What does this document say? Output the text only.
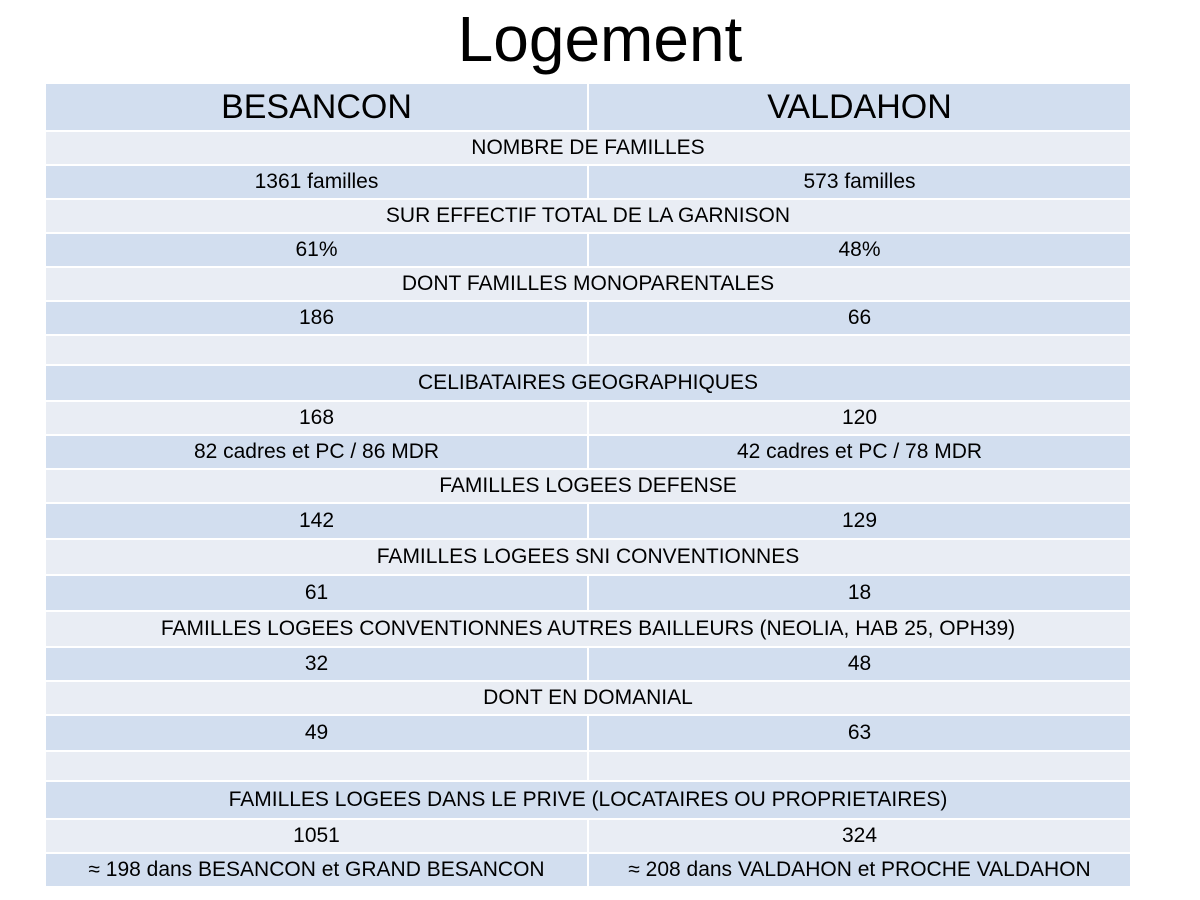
Logement
BESANCON	VALDAHON
NOMBRE DE FAMILLES	
1361 familles	573 familles
SUR EFFECTIF TOTAL DE LA GARNISON	
61%	48%
DONT FAMILLES MONOPARENTALES	
186	66

CELIBATAIRES GEOGRAPHIQUES	
168	120
82 cadres et PC / 86 MDR	42 cadres et PC / 78 MDR
FAMILLES LOGEES DEFENSE	
142	129
FAMILLES LOGEES SNI CONVENTIONNES	
61	18
FAMILLES LOGEES CONVENTIONNES AUTRES BAILLEURS (NEOLIA, HAB 25, OPH39)	
32	48
DONT EN DOMANIAL	
49	63

FAMILLES LOGEES DANS LE PRIVE (LOCATAIRES OU PROPRIETAIRES)	
1051	324
≈ 198 dans BESANCON et GRAND BESANCON	≈ 208 dans VALDAHON et PROCHE VALDAHON
